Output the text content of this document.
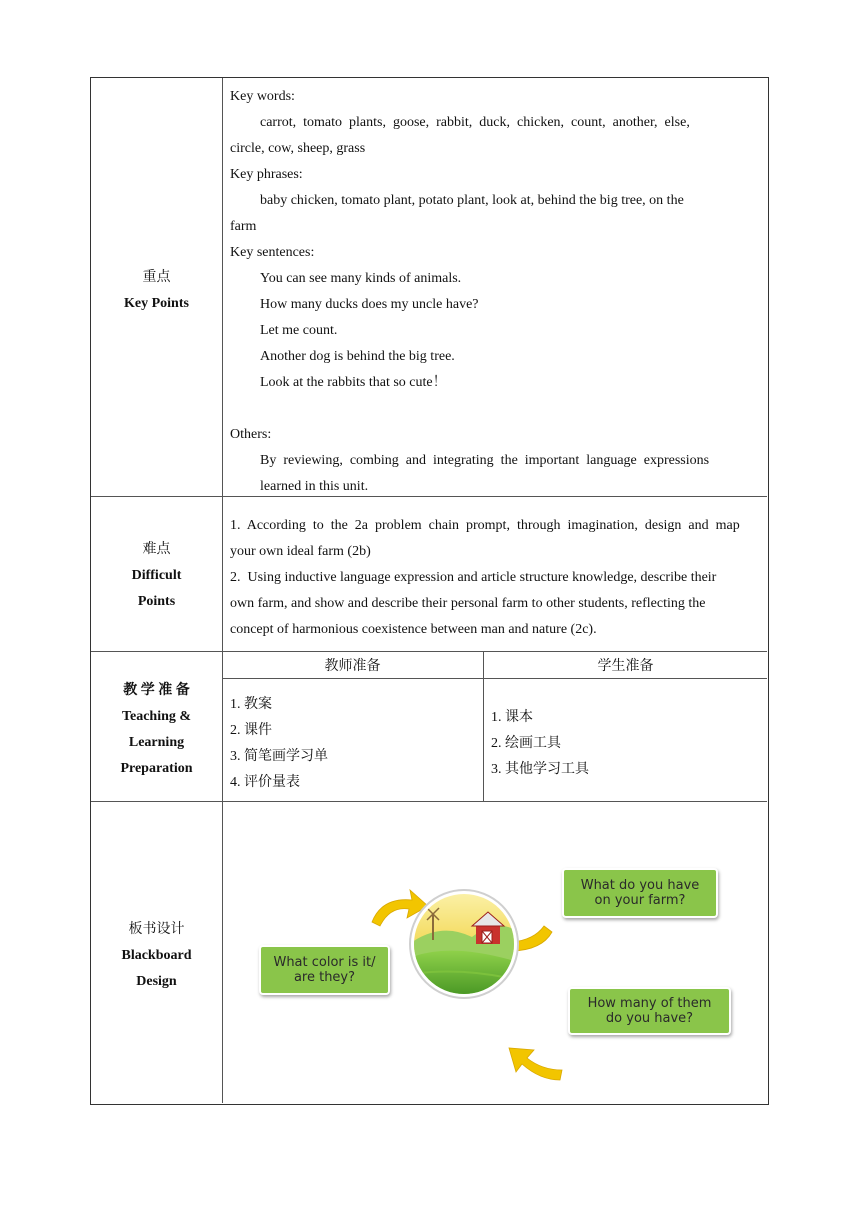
重点
Key Points
Key words:
carrot,  tomato  plants,  goose,  rabbit,  duck,  chicken,  count,  another,  else,
circle, cow, sheep, grass
Key phrases:
baby chicken, tomato plant, potato plant, look at, behind the big tree, on the
farm
Key sentences:
You can see many kinds of animals.
How many ducks does my uncle have?
Let me count.
Another dog is behind the big tree.
Look at the rabbits that so cute！
Others:
By  reviewing,  combing  and  integrating  the  important  language  expressions
learned in this unit.
难点
Difficult
Points
1.  According  to  the  2a  problem  chain  prompt,  through  imagination,  design  and  map
your own ideal farm (2b)
2.  Using inductive language expression and article structure knowledge, describe their
own farm, and show and describe their personal farm to other students, reflecting the
concept of harmonious coexistence between man and nature (2c).
教 学 准 备
Teaching &
Learning
Preparation
教师准备	学生准备
1. 教案
2. 课件
3. 简笔画学习单
4. 评价量表
1. 课本
2. 绘画工具
3. 其他学习工具
板书设计
Blackboard
Design
What color is it/
are they?
What do you have
on your farm?
How many of them
do you have?
